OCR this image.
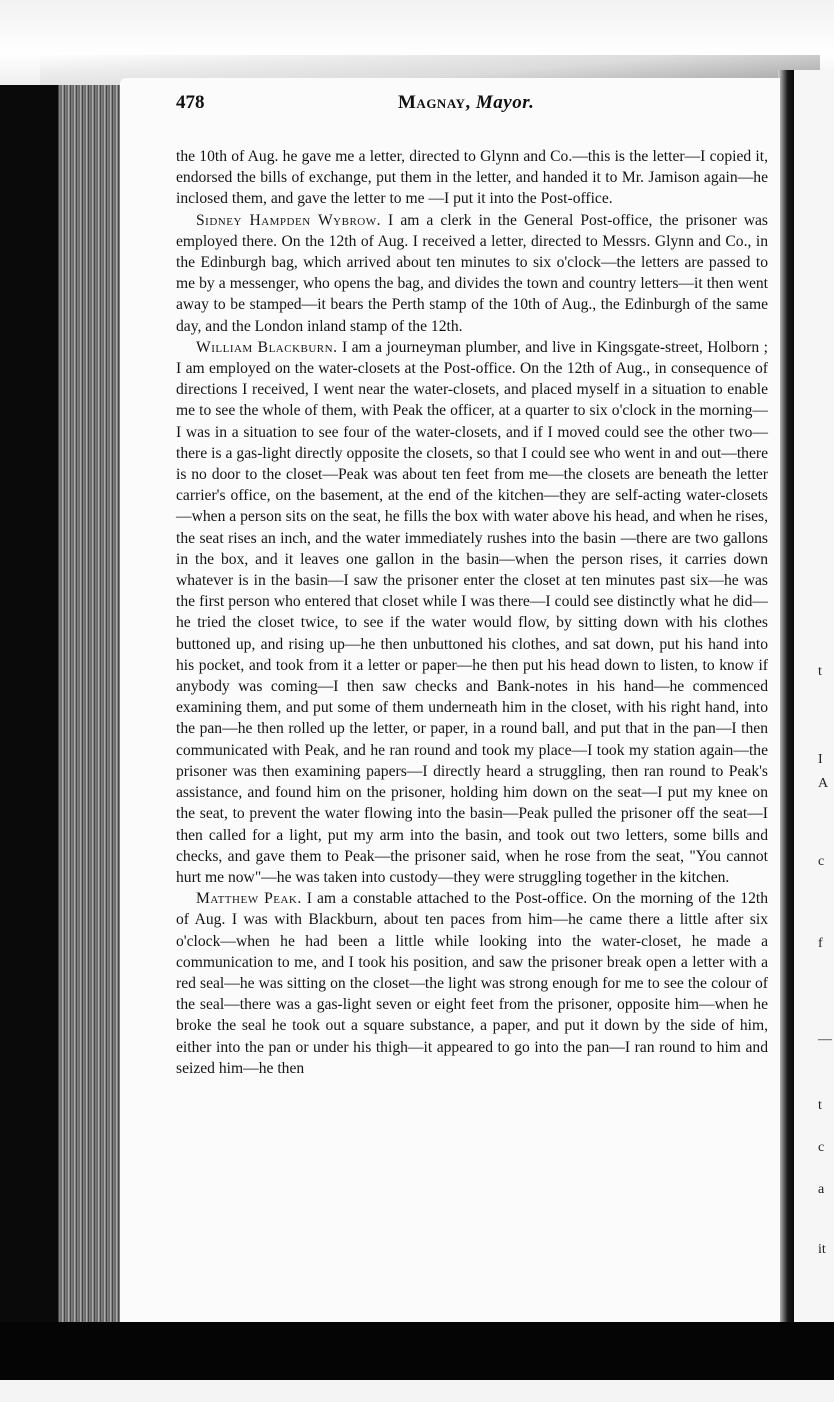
478	Magnay, Mayor.

the 10th of Aug. he gave me a letter, directed to Glynn and Co.—this is the letter—I copied it, endorsed the bills of exchange, put them in the letter, and handed it to Mr. Jamison again—he inclosed them, and gave the letter to me —I put it into the Post-office.

Sidney Hampden Wybrow. I am a clerk in the General Post-office, the prisoner was employed there. On the 12th of Aug. I received a letter, directed to Messrs. Glynn and Co., in the Edinburgh bag, which arrived about ten minutes to six o'clock—the letters are passed to me by a messenger, who opens the bag, and divides the town and country letters—it then went away to be stamped—it bears the Perth stamp of the 10th of Aug., the Edinburgh of the same day, and the London inland stamp of the 12th.

William Blackburn. I am a journeyman plumber, and live in Kingsgate-street, Holborn ; I am employed on the water-closets at the Post-office. On the 12th of Aug., in consequence of directions I received, I went near the water-closets, and placed myself in a situation to enable me to see the whole of them, with Peak the officer, at a quarter to six o'clock in the morning—I was in a situation to see four of the water-closets, and if I moved could see the other two—there is a gas-light directly opposite the closets, so that I could see who went in and out—there is no door to the closet—Peak was about ten feet from me—the closets are beneath the letter carrier's office, on the basement, at the end of the kitchen—they are self-acting water-closets—when a person sits on the seat, he fills the box with water above his head, and when he rises, the seat rises an inch, and the water immediately rushes into the basin —there are two gallons in the box, and it leaves one gallon in the basin—when the person rises, it carries down whatever is in the basin—I saw the prisoner enter the closet at ten minutes past six—he was the first person who entered that closet while I was there—I could see distinctly what he did—he tried the closet twice, to see if the water would flow, by sitting down with his clothes buttoned up, and rising up—he then unbuttoned his clothes, and sat down, put his hand into his pocket, and took from it a letter or paper—he then put his head down to listen, to know if anybody was coming—I then saw checks and Bank-notes in his hand—he commenced examining them, and put some of them underneath him in the closet, with his right hand, into the pan—he then rolled up the letter, or paper, in a round ball, and put that in the pan—I then communicated with Peak, and he ran round and took my place—I took my station again—the prisoner was then examining papers—I directly heard a struggling, then ran round to Peak's assistance, and found him on the prisoner, holding him down on the seat—I put my knee on the seat, to prevent the water flowing into the basin—Peak pulled the prisoner off the seat—I then called for a light, put my arm into the basin, and took out two letters, some bills and checks, and gave them to Peak—the prisoner said, when he rose from the seat, "You cannot hurt me now"—he was taken into custody—they were struggling together in the kitchen.

Matthew Peak. I am a constable attached to the Post-office. On the morning of the 12th of Aug. I was with Blackburn, about ten paces from him—he came there a little after six o'clock—when he had been a little while looking into the water-closet, he made a communication to me, and I took his position, and saw the prisoner break open a letter with a red seal—he was sitting on the closet—the light was strong enough for me to see the colour of the seal—there was a gas-light seven or eight feet from the prisoner, opposite him—when he broke the seal he took out a square substance, a paper, and put it down by the side of him, either into the pan or under his thigh—it appeared to go into the pan—I ran round to him and seized him—he then

t
I
A
f
c
—
t
c
a
it
